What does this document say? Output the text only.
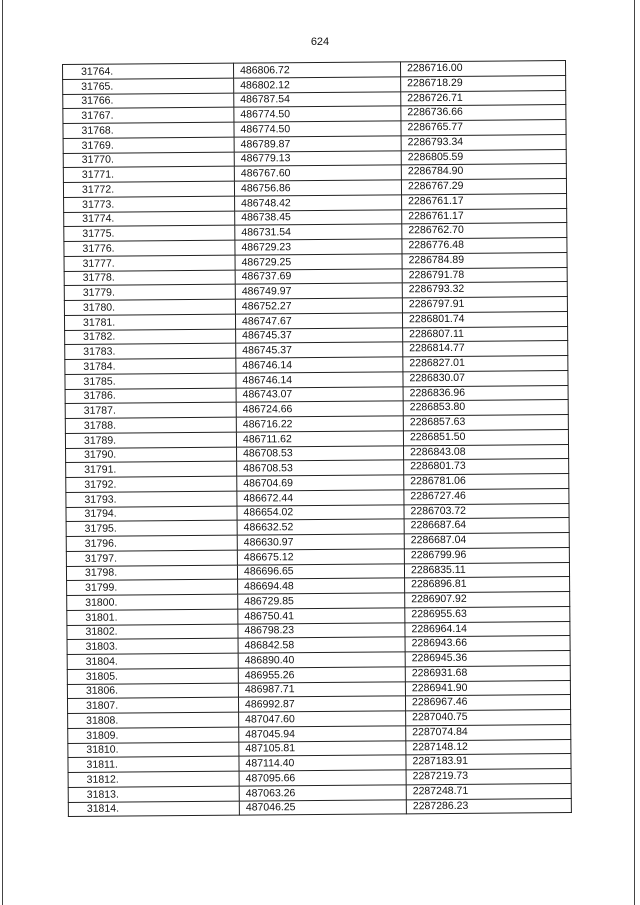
624
31764.	486806.72	2286716.00
31765.	486802.12	2286718.29
31766.	486787.54	2286726.71
31767.	486774.50	2286736.66
31768.	486774.50	2286765.77
31769.	486789.87	2286793.34
31770.	486779.13	2286805.59
31771.	486767.60	2286784.90
31772.	486756.86	2286767.29
31773.	486748.42	2286761.17
31774.	486738.45	2286761.17
31775.	486731.54	2286762.70
31776.	486729.23	2286776.48
31777.	486729.25	2286784.89
31778.	486737.69	2286791.78
31779.	486749.97	2286793.32
31780.	486752.27	2286797.91
31781.	486747.67	2286801.74
31782.	486745.37	2286807.11
31783.	486745.37	2286814.77
31784.	486746.14	2286827.01
31785.	486746.14	2286830.07
31786.	486743.07	2286836.96
31787.	486724.66	2286853.80
31788.	486716.22	2286857.63
31789.	486711.62	2286851.50
31790.	486708.53	2286843.08
31791.	486708.53	2286801.73
31792.	486704.69	2286781.06
31793.	486672.44	2286727.46
31794.	486654.02	2286703.72
31795.	486632.52	2286687.64
31796.	486630.97	2286687.04
31797.	486675.12	2286799.96
31798.	486696.65	2286835.11
31799.	486694.48	2286896.81
31800.	486729.85	2286907.92
31801.	486750.41	2286955.63
31802.	486798.23	2286964.14
31803.	486842.58	2286943.66
31804.	486890.40	2286945.36
31805.	486955.26	2286931.68
31806.	486987.71	2286941.90
31807.	486992.87	2286967.46
31808.	487047.60	2287040.75
31809.	487045.94	2287074.84
31810.	487105.81	2287148.12
31811.	487114.40	2287183.91
31812.	487095.66	2287219.73
31813.	487063.26	2287248.71
31814.	487046.25	2287286.23
